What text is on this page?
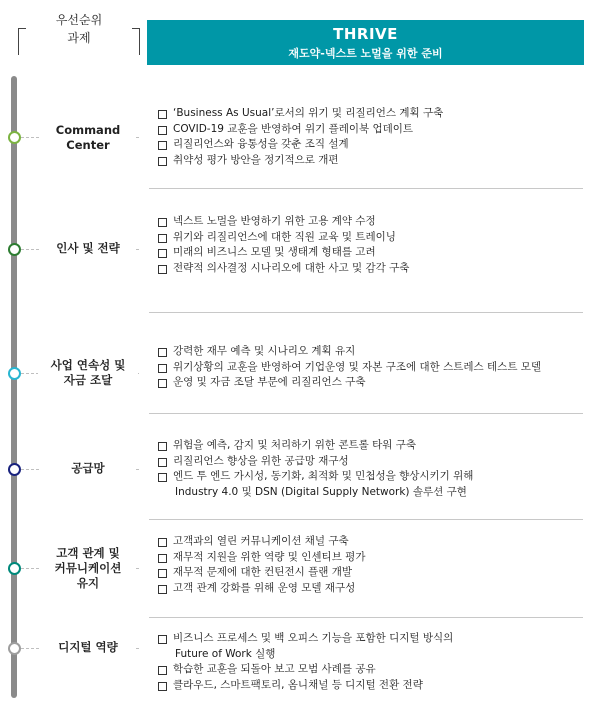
우선순위
과제	THRIVE
재도약-넥스트 노멀을 위한 준비
Command
Center
‘Business As Usual’로서의 위기 및 리질리언스 계획 구축
COVID-19 교훈을 반영하여 위기 플레이북 업데이트
리질리언스와 융통성을 갖춘 조직 설계
취약성 평가 방안을 정기적으로 개편
인사 및 전략
넥스트 노멀을 반영하기 위한 고용 계약 수정
위기와 리질리언스에 대한 직원 교육 및 트레이닝
미래의 비즈니스 모델 및 생태계 형태를 고려
전략적 의사결정 시나리오에 대한 사고 및 감각 구축
사업 연속성 및
자금 조달
강력한 재무 예측 및 시나리오 계획 유지
위기상황의 교훈을 반영하여 기업운영 및 자본 구조에 대한 스트레스 테스트 모델
운영 및 자금 조달 부문에 리질리언스 구축
공급망
위험을 예측, 감지 및 처리하기 위한 콘트롤 타워 구축
리질리언스 향상을 위한 공급망 재구성
엔드 투 엔드 가시성, 동기화, 최적화 및 민첩성을 향상시키기 위해
Industry 4.0 및 DSN (Digital Supply Network) 솔루션 구현
고객 관계 및
커뮤니케이션
유지
고객과의 열린 커뮤니케이션 채널 구축
재무적 지원을 위한 역량 및 인센티브 평가
재무적 문제에 대한 컨틴전시 플랜 개발
고객 관계 강화를 위해 운영 모델 재구성
디지털 역량
비즈니스 프로세스 및 백 오피스 기능을 포함한 디지털 방식의
Future of Work 실행
학습한 교훈을 되돌아 보고 모범 사례를 공유
클라우드, 스마트팩토리, 옴니채널 등 디지털 전환 전략
